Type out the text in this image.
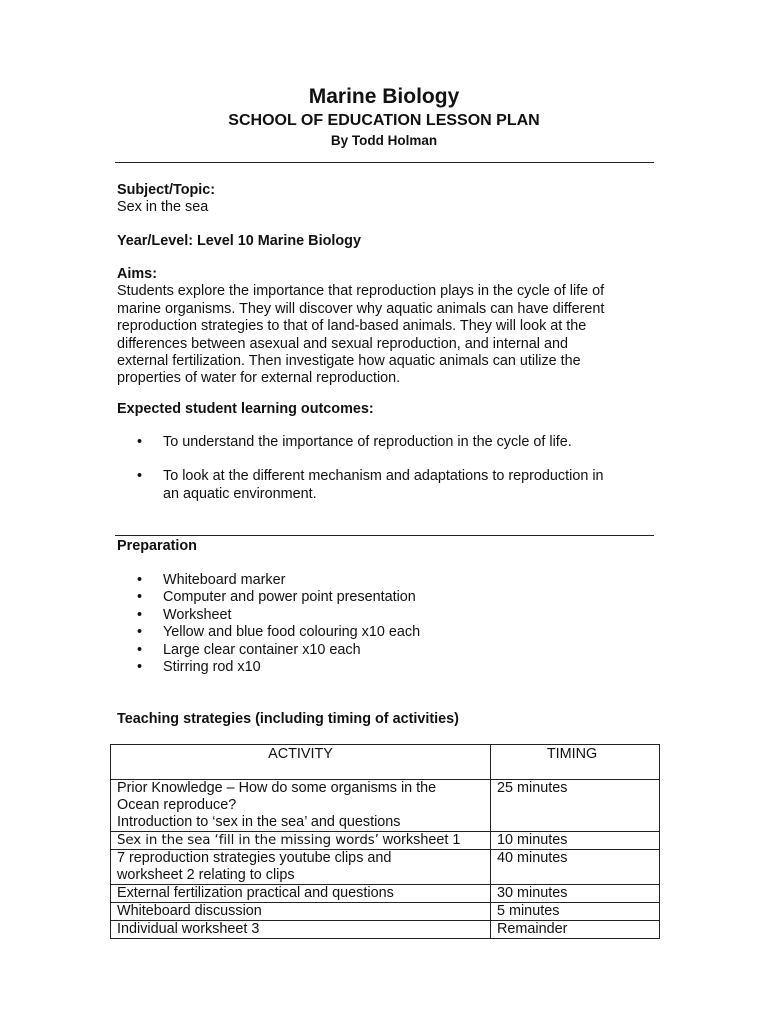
Marine Biology
SCHOOL OF EDUCATION LESSON PLAN
By Todd Holman
Subject/Topic:
Sex in the sea
Year/Level: Level 10 Marine Biology
Aims:
Students explore the importance that reproduction plays in the cycle of life of
marine organisms. They will discover why aquatic animals can have different
reproduction strategies to that of land-based animals. They will look at the
differences between asexual and sexual reproduction, and internal and
external fertilization. Then investigate how aquatic animals can utilize the
properties of water for external reproduction.
Expected student learning outcomes:
• To understand the importance of reproduction in the cycle of life.
• To look at the different mechanism and adaptations to reproduction in
an aquatic environment.
Preparation
• Whiteboard marker
• Computer and power point presentation
• Worksheet
• Yellow and blue food colouring x10 each
• Large clear container x10 each
• Stirring rod x10
Teaching strategies (including timing of activities)
ACTIVITY	TIMING

Prior Knowledge – How do some organisms in the
Ocean reproduce?
Introduction to ‘sex in the sea’ and questions	25 minutes
Sex in the sea ‘fill in the missing words’ worksheet 1	10 minutes

7 reproduction strategies youtube clips and
worksheet 2 relating to clips	40 minutes
External fertilization practical and questions	30 minutes
Whiteboard discussion	5 minutes
Individual worksheet 3	Remainder
